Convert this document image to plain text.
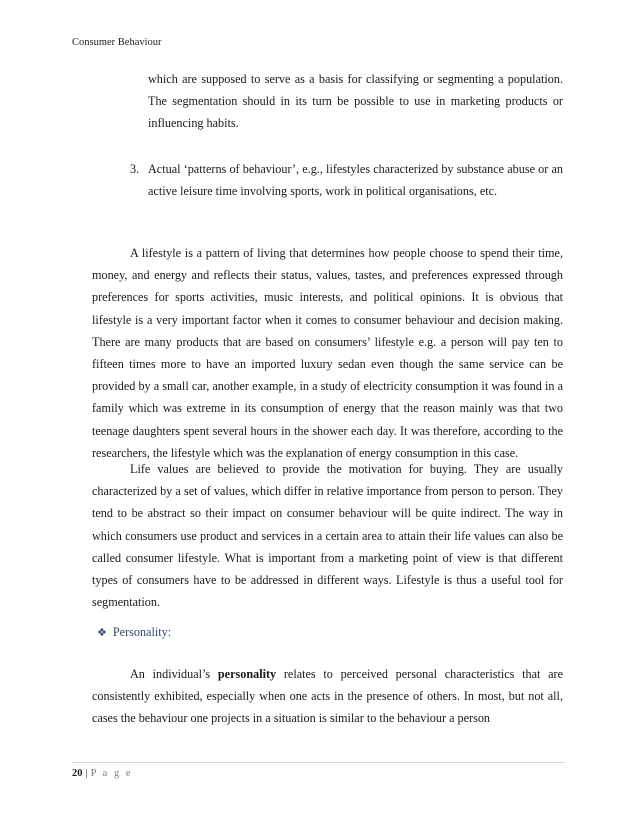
Consumer Behaviour
which are supposed to serve as a basis for classifying or segmenting a population. The segmentation should in its turn be possible to use in marketing products or influencing habits.
3. Actual ‘patterns of behaviour’, e.g., lifestyles characterized by substance abuse or an active leisure time involving sports, work in political organisations, etc.
A lifestyle is a pattern of living that determines how people choose to spend their time, money, and energy and reflects their status, values, tastes, and preferences expressed through preferences for sports activities, music interests, and political opinions. It is obvious that lifestyle is a very important factor when it comes to consumer behaviour and decision making. There are many products that are based on consumers’ lifestyle e.g. a person will pay ten to fifteen times more to have an imported luxury sedan even though the same service can be provided by a small car, another example, in a study of electricity consumption it was found in a family which was extreme in its consumption of energy that the reason mainly was that two teenage daughters spent several hours in the shower each day. It was therefore, according to the researchers, the lifestyle which was the explanation of energy consumption in this case.
Life values are believed to provide the motivation for buying. They are usually characterized by a set of values, which differ in relative importance from person to person. They tend to be abstract so their impact on consumer behaviour will be quite indirect. The way in which consumers use product and services in a certain area to attain their life values can also be called consumer lifestyle. What is important from a marketing point of view is that different types of consumers have to be addressed in different ways. Lifestyle is thus a useful tool for segmentation.
❖ Personality:
An individual’s personality relates to perceived personal characteristics that are consistently exhibited, especially when one acts in the presence of others. In most, but not all, cases the behaviour one projects in a situation is similar to the behaviour a person
20 | P a g e
